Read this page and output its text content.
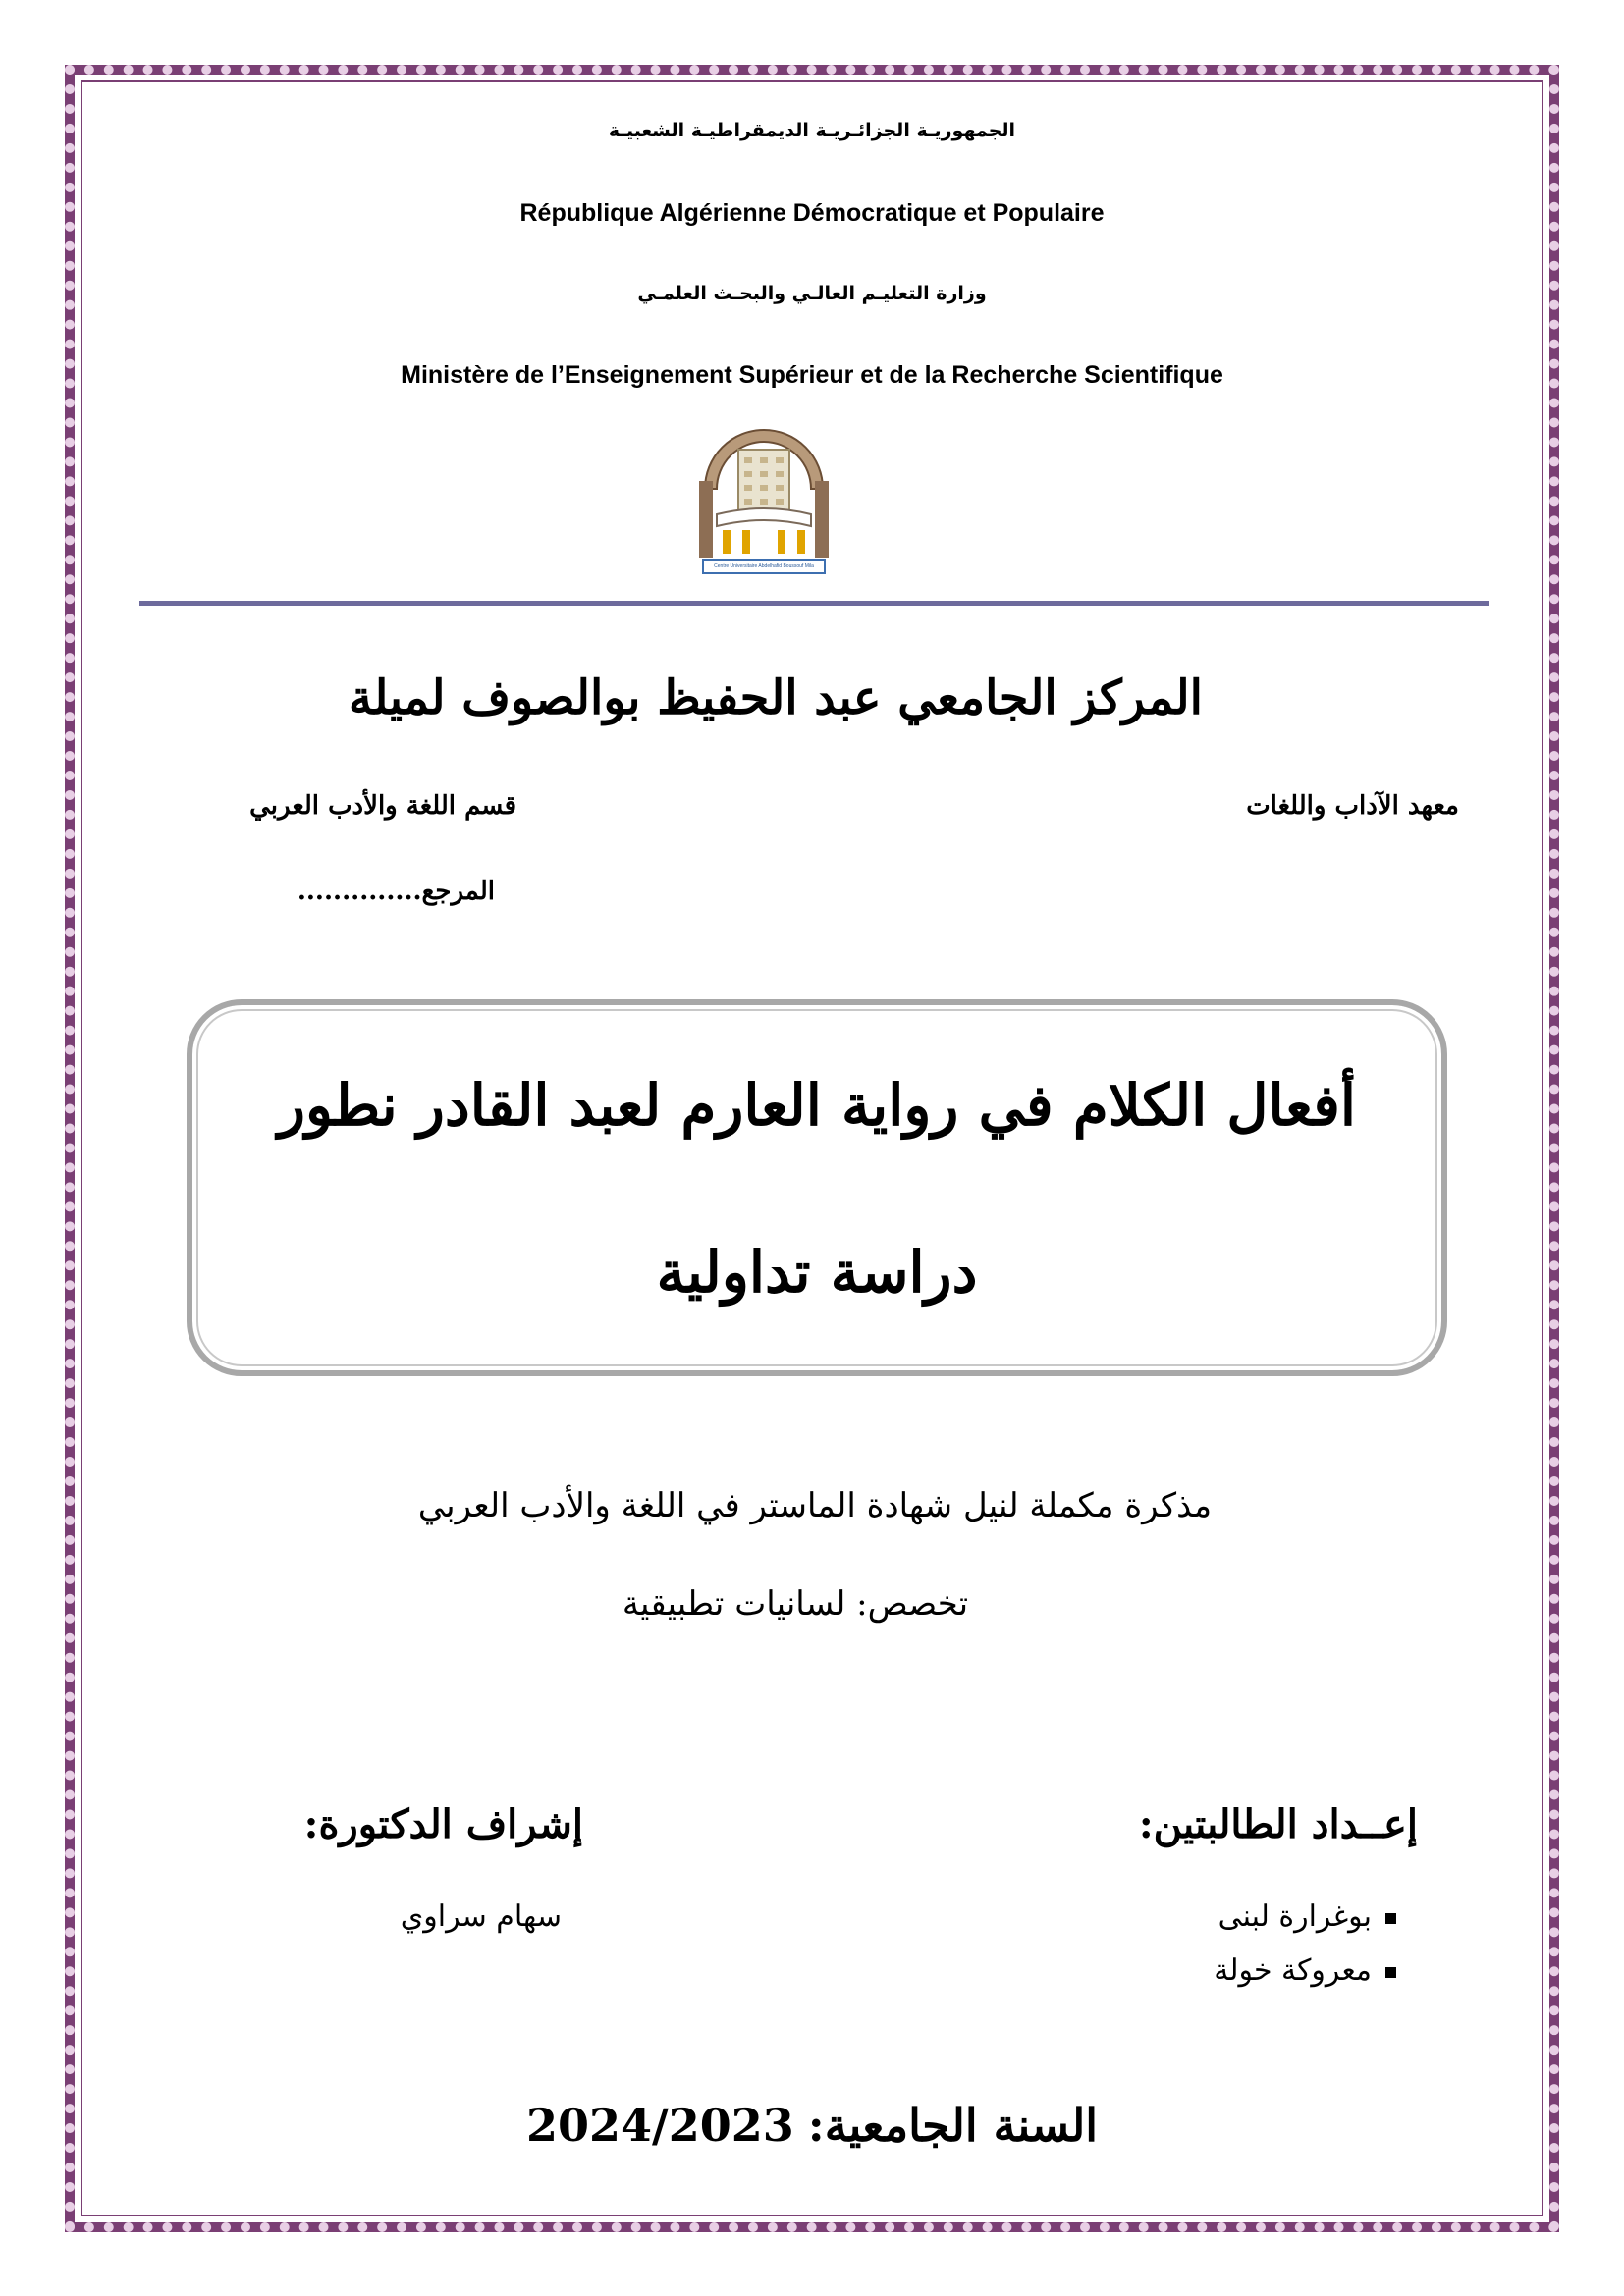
الجمهوريـة الجزائـريـة الديمقراطيـة الشعبيـة
République Algérienne Démocratique et Populaire
وزارة التعليـم العالـي والبحـث العلمـي
Ministère de l’Enseignement Supérieur et de la Recherche Scientifique
Centre Universitaire Abdelhafid Boussouf Mila
المركز الجامعي عبد الحفيظ بوالصوف لميلة
معهد الآداب واللغات
قسم اللغة والأدب العربي
المرجع..............
أفعال الكلام في رواية العارم لعبد القادر نطور
دراسة تداولية
مذكرة مكملة لنيل شهادة الماستر في اللغة والأدب العربي
تخصص: لسانيات تطبيقية
إعــداد الطالبتين:
إشراف الدكتورة:
بوغرارة لبنى
معروكة خولة
سهام سراوي
2024/2023 السنة الجامعية:
